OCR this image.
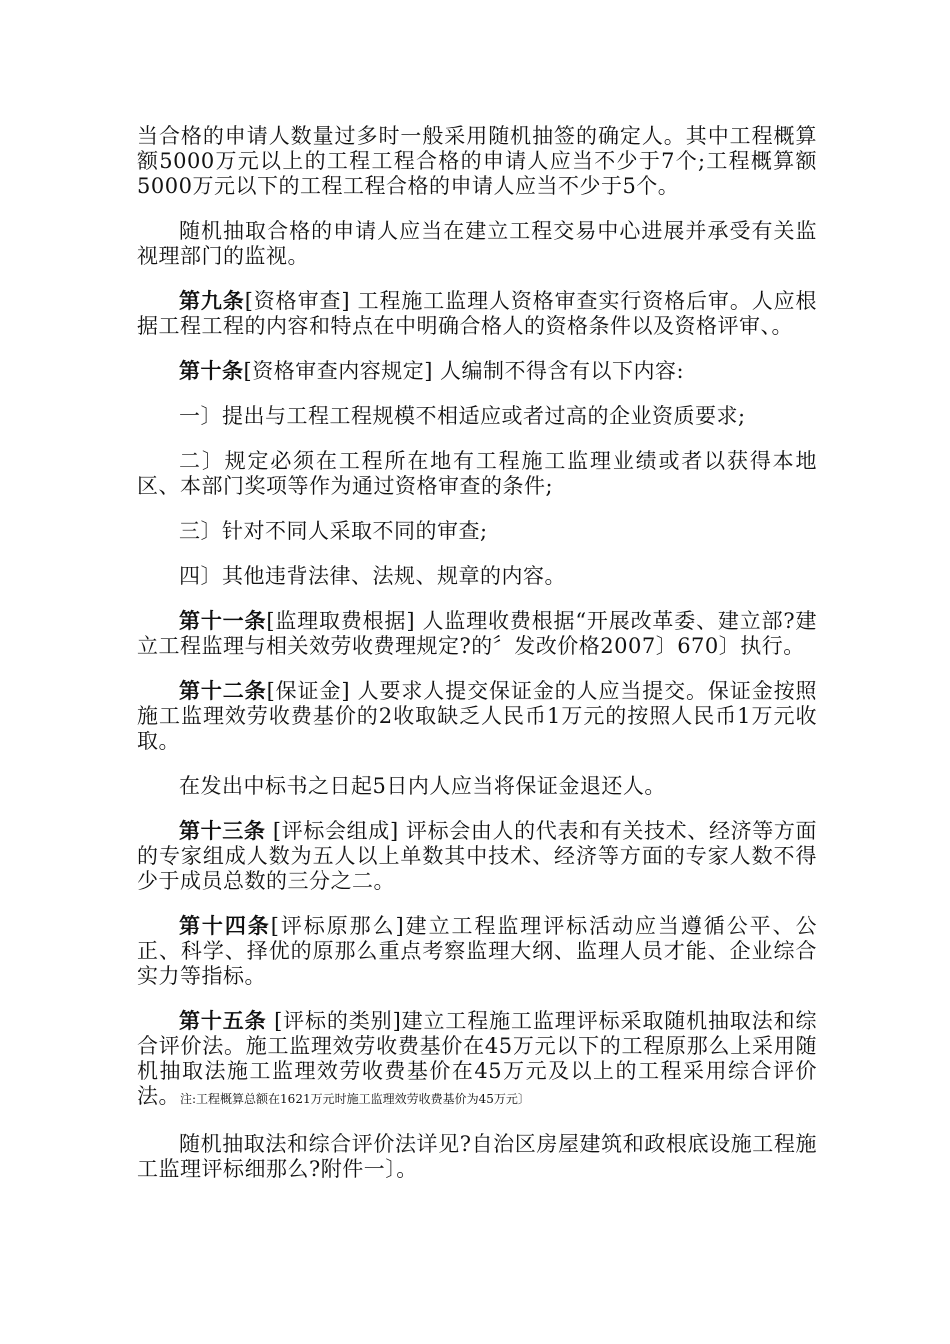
当合格的申请人数量过多时一般采用随机抽签的确定人。其中工程概算额5000万元以上的工程工程合格的申请人应当不少于7个;工程概算额5000万元以下的工程工程合格的申请人应当不少于5个。

随机抽取合格的申请人应当在建立工程交易中心进展并承受有关监视理部门的监视。

第九条[资格审查] 工程施工监理人资格审查实行资格后审。人应根据工程工程的内容和特点在中明确合格人的资格条件以及资格评审、。

第十条[资格审查内容规定] 人编制不得含有以下内容:

一〕提出与工程工程规模不相适应或者过高的企业资质要求;

二〕规定必须在工程所在地有工程施工监理业绩或者以获得本地区、本部门奖项等作为通过资格审查的条件;

三〕针对不同人采取不同的审查;

四〕其他违背法律、法规、规章的内容。

第十一条[监理取费根据] 人监理收费根据“开展改革委、建立部?建立工程监理与相关效劳收费理规定?的〞发改价格2007〕670〕执行。

第十二条[保证金] 人要求人提交保证金的人应当提交。保证金按照施工监理效劳收费基价的2收取缺乏人民币1万元的按照人民币1万元收取。

在发出中标书之日起5日内人应当将保证金退还人。

第十三条 [评标会组成] 评标会由人的代表和有关技术、经济等方面的专家组成人数为五人以上单数其中技术、经济等方面的专家人数不得少于成员总数的三分之二。

第十四条[评标原那么]建立工程监理评标活动应当遵循公平、公正、科学、择优的原那么重点考察监理大纲、监理人员才能、企业综合实力等指标。

第十五条 [评标的类别]建立工程施工监理评标采取随机抽取法和综合评价法。施工监理效劳收费基价在45万元以下的工程原那么上采用随机抽取法施工监理效劳收费基价在45万元及以上的工程采用综合评价法。注:工程概算总额在1621万元时施工监理效劳收费基价为45万元〕

随机抽取法和综合评价法详见?自治区房屋建筑和政根底设施工程施工监理评标细那么?附件一〕。
